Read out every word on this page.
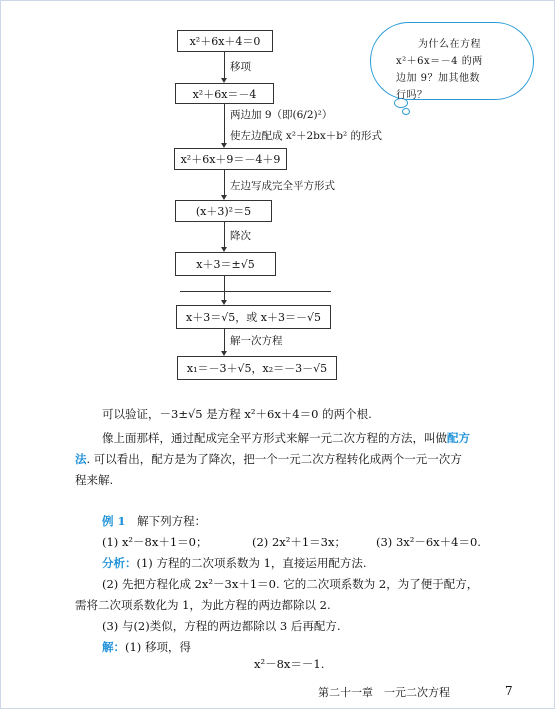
x²＋6x＋4＝0
移项
x²＋6x＝－4
两边加 9（即(6/2)²）
使左边配成 x²＋2bx＋b² 的形式
x²＋6x＋9＝－4＋9
左边写成完全平方形式
(x＋3)²＝5
降次
x＋3＝±√5
x＋3＝√5，或 x＋3＝－√5
解一次方程
x₁＝－3＋√5，x₂＝－3－√5
为什么在方程
x²＋6x＝－4 的两
边加 9？加其他数
行吗？
可以验证，－3±√5 是方程 x²＋6x＋4＝0 的两个根.
像上面那样，通过配成完全平方形式来解一元二次方程的方法，叫做配方
法. 可以看出，配方是为了降次，把一个一元二次方程转化成两个一元一次方
程来解.
例 1 解下列方程：
(1) x²－8x＋1＝0；	(2) 2x²＋1＝3x；	(3) 3x²－6x＋4＝0.
分析：(1) 方程的二次项系数为 1，直接运用配方法.
(2) 先把方程化成 2x²－3x＋1＝0. 它的二次项系数为 2，为了便于配方，
需将二次项系数化为 1，为此方程的两边都除以 2.
(3) 与(2)类似，方程的两边都除以 3 后再配方.
解：(1) 移项，得
x²－8x＝－1.
第二十一章　一元二次方程	7
